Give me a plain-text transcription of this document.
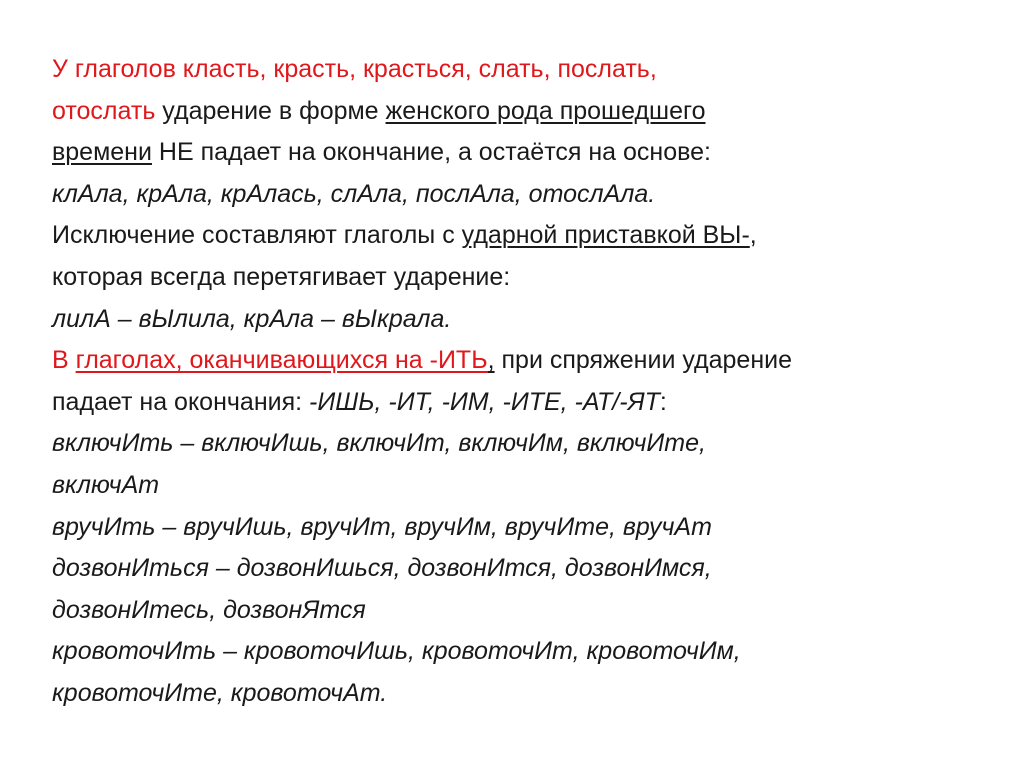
У глаголов класть, красть, красться, слать, послать,
отослать ударение в форме женского рода прошедшего
времени НЕ падает на окончание, а остаётся на основе:
клАла, крАла, крАлась, слАла, послАла, отослАла.
Исключение составляют глаголы с ударной приставкой ВЫ-,
которая всегда перетягивает ударение:
лилА – вЫлила, крАла – вЫкрала.
В глаголах, оканчивающихся на -ИТЬ, при спряжении ударение
падает на окончания: -ИШЬ, -ИТ, -ИМ, -ИТЕ, -АТ/-ЯТ:
включИть – включИшь, включИт, включИм, включИте,
включАт
вручИть – вручИшь, вручИт, вручИм, вручИте, вручАт
дозвонИться – дозвонИшься, дозвонИтся, дозвонИмся,
дозвонИтесь, дозвонЯтся
кровоточИть – кровоточИшь, кровоточИт, кровоточИм,
кровоточИте, кровоточАт.
